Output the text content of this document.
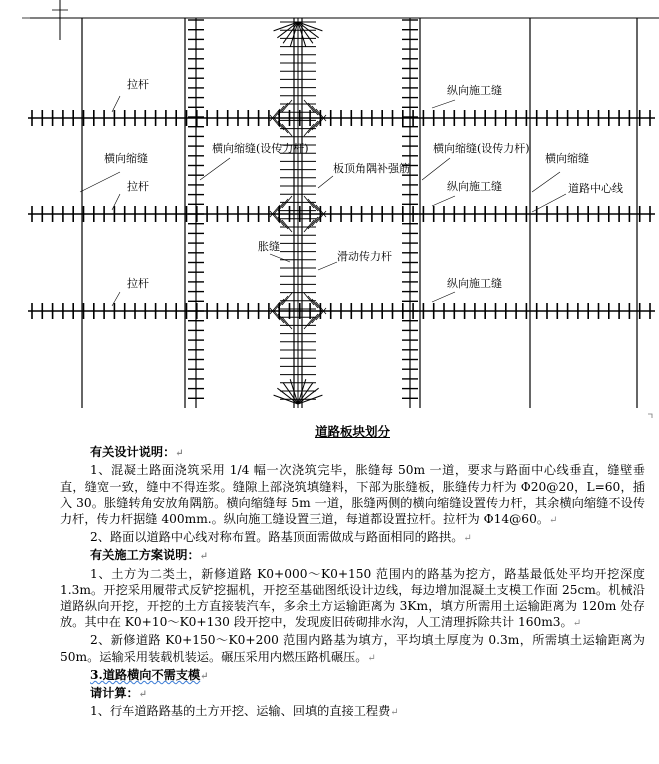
拉杆
拉杆
拉杆
横向缩缝	横向缩缝
横向缩缝(设传力杆)	横向缩缝(设传力杆)
纵向施工缝
纵向施工缝
纵向施工缝
板顶角隅补强筋
道路中心线
胀缝
滑动传力杆
道路板块划分
有关设计说明：↵

1、混凝土路面浇筑采用 1/4 幅一次浇筑完毕，胀缝每 50m 一道，要求与路面中心线垂直，缝壁垂直，缝宽一致，缝中不得连浆。缝隙上部浇筑填缝料，下部为胀缝板，胀缝传力杆为 Φ20@20，L=60，插入 30。胀缝转角安放角隅筋。横向缩缝每 5m 一道，胀缝两侧的横向缩缝设置传力杆，其余横向缩缝不设传力杆，传力杆据缝 400mm.。纵向施工缝设置三道，每道都设置拉杆。拉杆为 Φ14@60。↵

2、路面以道路中心线对称布置。路基顶面需做成与路面相同的路拱。↵

有关施工方案说明：↵

1、土方为二类土，新修道路 K0+000～K0+150 范围内的路基为挖方，路基最低处平均开挖深度 1.3m。开挖采用履带式反铲挖掘机，开挖至基础图纸设计边线，每边增加混凝土支模工作面 25cm。机械沿道路纵向开挖，开挖的土方直接装汽车，多余土方运输距离为 3Km，填方所需用土运输距离为 120m 处存放。其中在 K0+10～K0+130 段开挖中，发现废旧砖砌排水沟，人工清理拆除共计 160m3。↵

2、新修道路 K0+150～K0+200 范围内路基为填方，平均填土厚度为 0.3m，所需填土运输距离为 50m。运输采用装载机装运。碾压采用内燃压路机碾压。↵

3.道路横向不需支模↵
请计算：↵

1、行车道路路基的土方开挖、运输、回填的直接工程费↵
